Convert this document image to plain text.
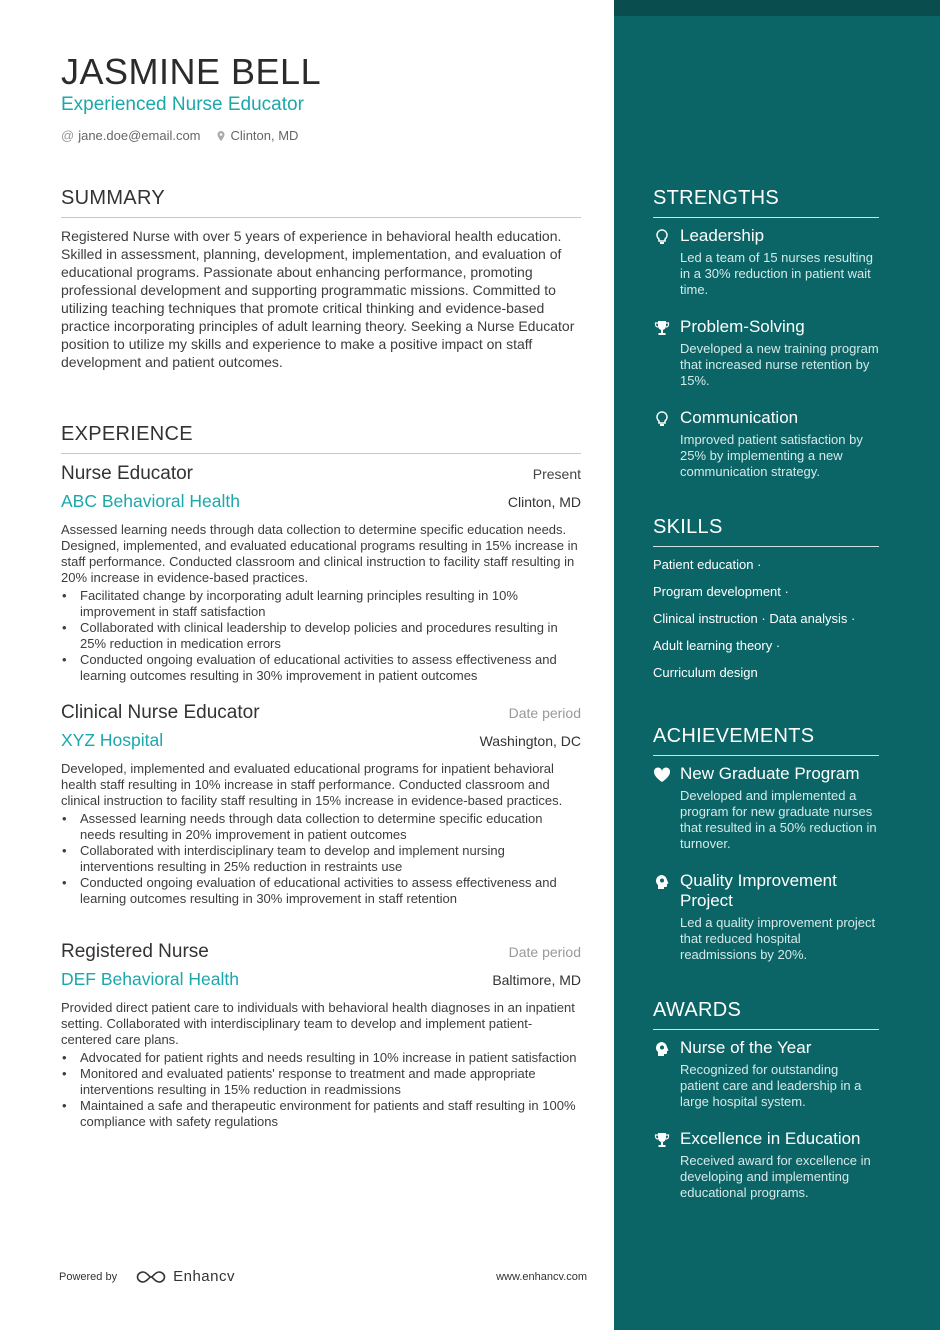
JASMINE BELL
Experienced Nurse Educator
@ jane.doe@email.com Clinton, MD
SUMMARY
Registered Nurse with over 5 years of experience in behavioral health education. Skilled in assessment, planning, development, implementation, and evaluation of educational programs. Passionate about enhancing performance, promoting professional development and supporting programmatic missions. Committed to utilizing teaching techniques that promote critical thinking and evidence-based practice incorporating principles of adult learning theory. Seeking a Nurse Educator position to utilize my skills and experience to make a positive impact on staff development and patient outcomes.
EXPERIENCE
Nurse Educator	Present
ABC Behavioral Health	Clinton, MD
Assessed learning needs through data collection to determine specific education needs. Designed, implemented, and evaluated educational programs resulting in 15% increase in staff performance. Conducted classroom and clinical instruction to facility staff resulting in 20% increase in evidence-based practices.
• Facilitated change by incorporating adult learning principles resulting in 10% improvement in staff satisfaction
• Collaborated with clinical leadership to develop policies and procedures resulting in 25% reduction in medication errors
• Conducted ongoing evaluation of educational activities to assess effectiveness and learning outcomes resulting in 30% improvement in patient outcomes
Clinical Nurse Educator	Date period
XYZ Hospital	Washington, DC
Developed, implemented and evaluated educational programs for inpatient behavioral health staff resulting in 10% increase in staff performance. Conducted classroom and clinical instruction to facility staff resulting in 15% increase in evidence-based practices.
• Assessed learning needs through data collection to determine specific education needs resulting in 20% improvement in patient outcomes
• Collaborated with interdisciplinary team to develop and implement nursing interventions resulting in 25% reduction in restraints use
• Conducted ongoing evaluation of educational activities to assess effectiveness and learning outcomes resulting in 30% improvement in staff retention
Registered Nurse	Date period
DEF Behavioral Health	Baltimore, MD
Provided direct patient care to individuals with behavioral health diagnoses in an inpatient setting. Collaborated with interdisciplinary team to develop and implement patient-centered care plans.
• Advocated for patient rights and needs resulting in 10% increase in patient satisfaction
• Monitored and evaluated patients' response to treatment and made appropriate interventions resulting in 15% reduction in readmissions
• Maintained a safe and therapeutic environment for patients and staff resulting in 100% compliance with safety regulations
Powered by	Enhancv	www.enhancv.com
STRENGTHS
Leadership
Led a team of 15 nurses resulting in a 30% reduction in patient wait time.
Problem-Solving
Developed a new training program that increased nurse retention by 15%.
Communication
Improved patient satisfaction by 25% by implementing a new communication strategy.
SKILLS
Patient education ·
Program development ·
Clinical instruction · Data analysis ·
Adult learning theory ·
Curriculum design
ACHIEVEMENTS
New Graduate Program
Developed and implemented a program for new graduate nurses that resulted in a 50% reduction in turnover.
Quality Improvement Project
Led a quality improvement project that reduced hospital readmissions by 20%.
AWARDS
Nurse of the Year
Recognized for outstanding patient care and leadership in a large hospital system.
Excellence in Education
Received award for excellence in developing and implementing educational programs.
